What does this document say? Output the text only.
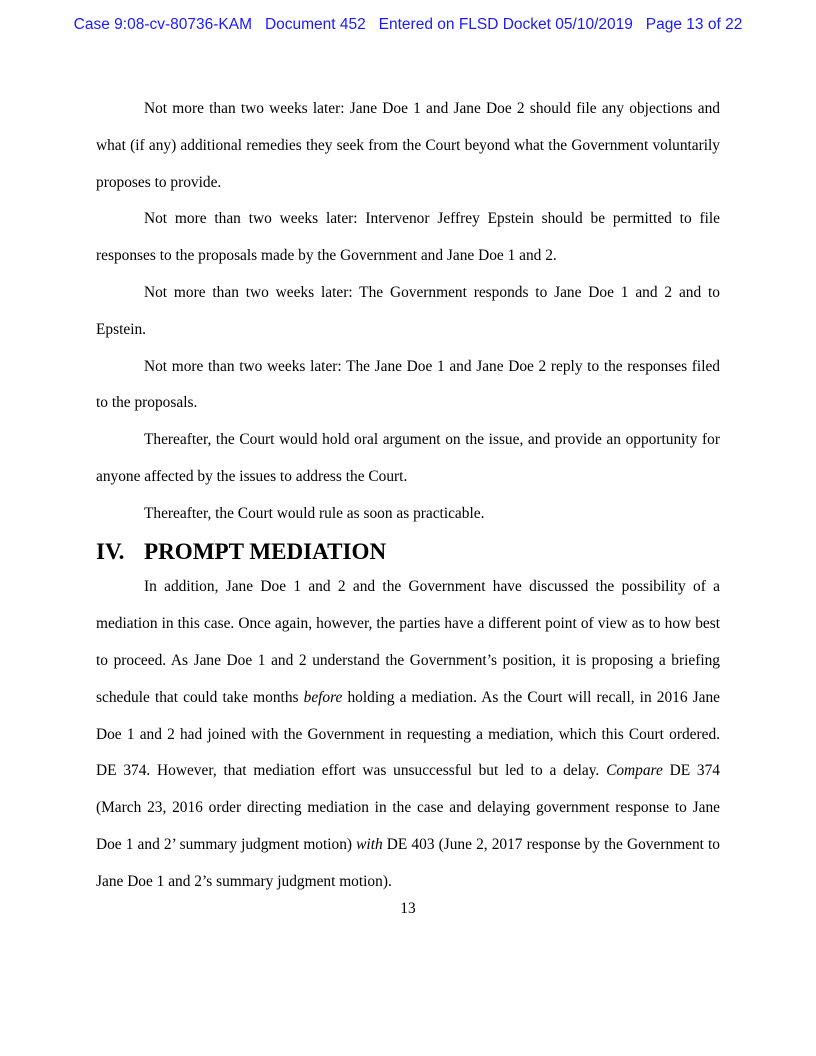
Case 9:08-cv-80736-KAM Document 452 Entered on FLSD Docket 05/10/2019 Page 13 of 22

Not more than two weeks later: Jane Doe 1 and Jane Doe 2 should file any objections and what (if any) additional remedies they seek from the Court beyond what the Government voluntarily proposes to provide.

Not more than two weeks later: Intervenor Jeffrey Epstein should be permitted to file responses to the proposals made by the Government and Jane Doe 1 and 2.

Not more than two weeks later: The Government responds to Jane Doe 1 and 2 and to Epstein.

Not more than two weeks later: The Jane Doe 1 and Jane Doe 2 reply to the responses filed to the proposals.

Thereafter, the Court would hold oral argument on the issue, and provide an opportunity for anyone affected by the issues to address the Court.

Thereafter, the Court would rule as soon as practicable.

IV. PROMPT MEDIATION

In addition, Jane Doe 1 and 2 and the Government have discussed the possibility of a mediation in this case. Once again, however, the parties have a different point of view as to how best to proceed. As Jane Doe 1 and 2 understand the Government’s position, it is proposing a briefing schedule that could take months before holding a mediation. As the Court will recall, in 2016 Jane Doe 1 and 2 had joined with the Government in requesting a mediation, which this Court ordered. DE 374. However, that mediation effort was unsuccessful but led to a delay. Compare DE 374 (March 23, 2016 order directing mediation in the case and delaying government response to Jane Doe 1 and 2’ summary judgment motion) with DE 403 (June 2, 2017 response by the Government to Jane Doe 1 and 2’s summary judgment motion).

13
